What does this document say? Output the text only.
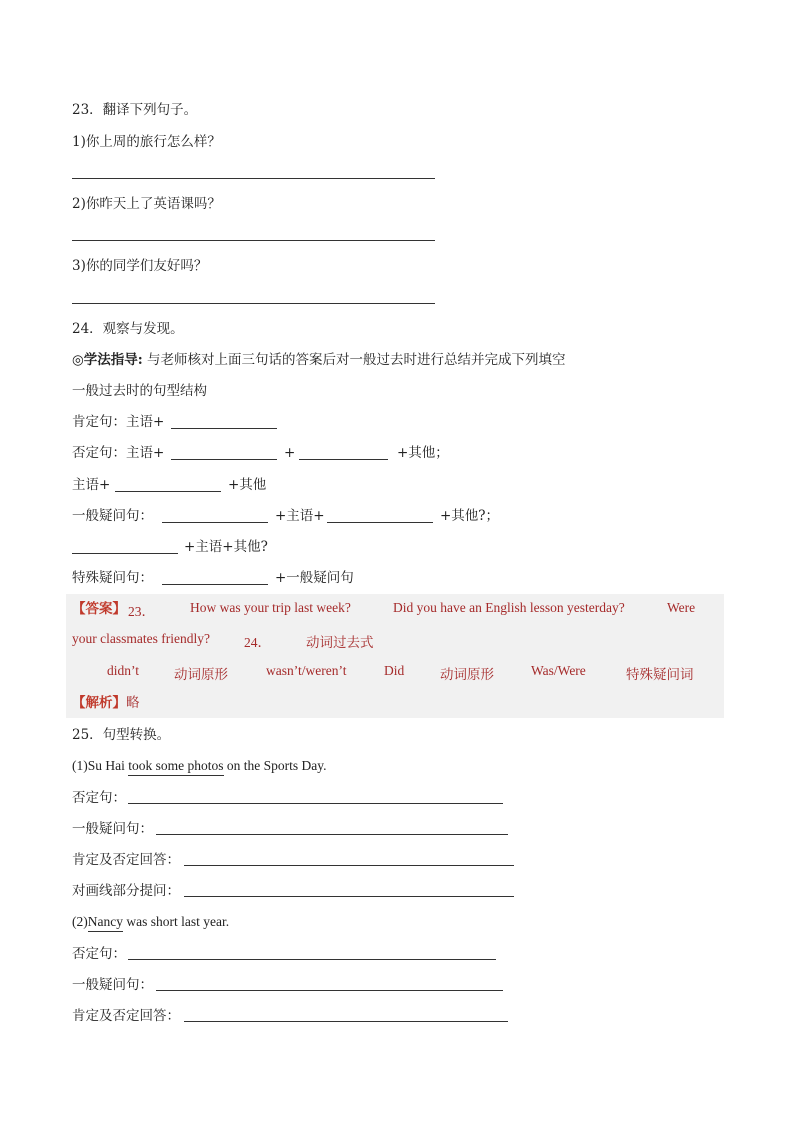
23．翻译下列句子。
1)你上周的旅行怎么样？
2)你昨天上了英语课吗？
3)你的同学们友好吗？
24．观察与发现。
◎学法指导: 与老师核对上面三句话的答案后对一般过去时进行总结并完成下列填空
一般过去时的句型结构
肯定句：主语+
否定句：主语+	+	+其他；
主语+	+其他
一般疑问句：	+主语+	+其他?；
+主语+其他?
特殊疑问句：	+一般疑问句
【答案】 23．	How was your trip last week?	Did you have an English lesson yesterday?	Were
your classmates friendly?	24．	动词过去式
didn’t	动词原形	wasn’t/weren’t	Did	动词原形	Was/Were	特殊疑问词
【解析】略
25．句型转换。
(1)Su Hai took some photos on the Sports Day.
否定句：
一般疑问句：
肯定及否定回答：
对画线部分提问：
(2)Nancy was short last year.
否定句：
一般疑问句：
肯定及否定回答：
